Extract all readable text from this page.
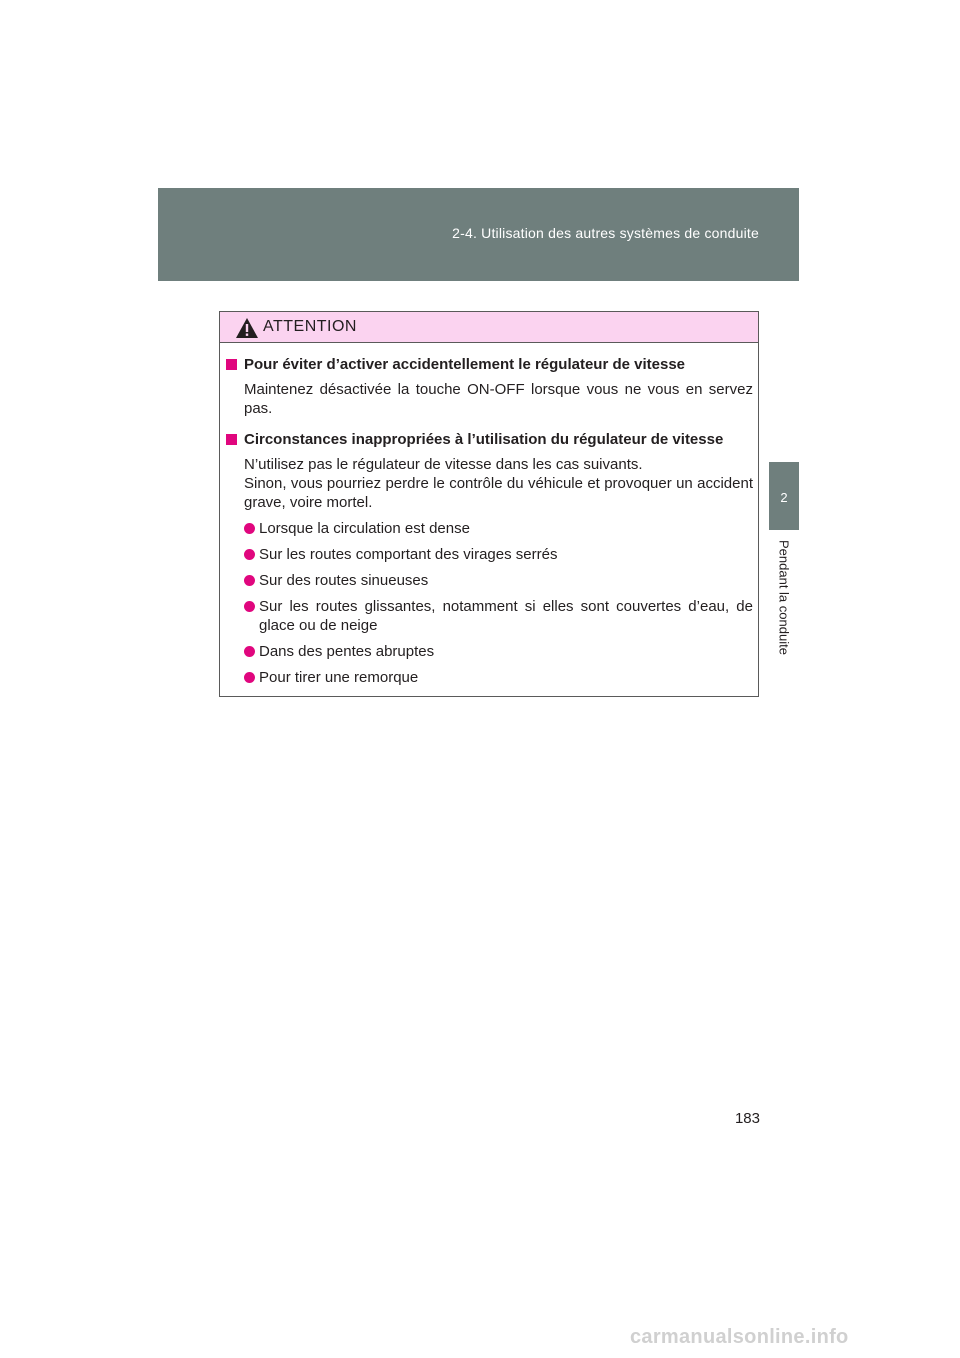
2-4. Utilisation des autres systèmes de conduite
2
Pendant la conduite
ATTENTION
Pour éviter d’activer accidentellement le régulateur de vitesse
Maintenez désactivée la touche ON-OFF lorsque vous ne vous en servez pas.
Circonstances inappropriées à l’utilisation du régulateur de vitesse
N’utilisez pas le régulateur de vitesse dans les cas suivants.
Sinon, vous pourriez perdre le contrôle du véhicule et provoquer un accident grave, voire mortel.
Lorsque la circulation est dense
Sur les routes comportant des virages serrés
Sur des routes sinueuses
Sur les routes glissantes, notamment si elles sont couvertes d’eau, de glace ou de neige
Dans des pentes abruptes
Pour tirer une remorque
183
carmanualsonline.info
